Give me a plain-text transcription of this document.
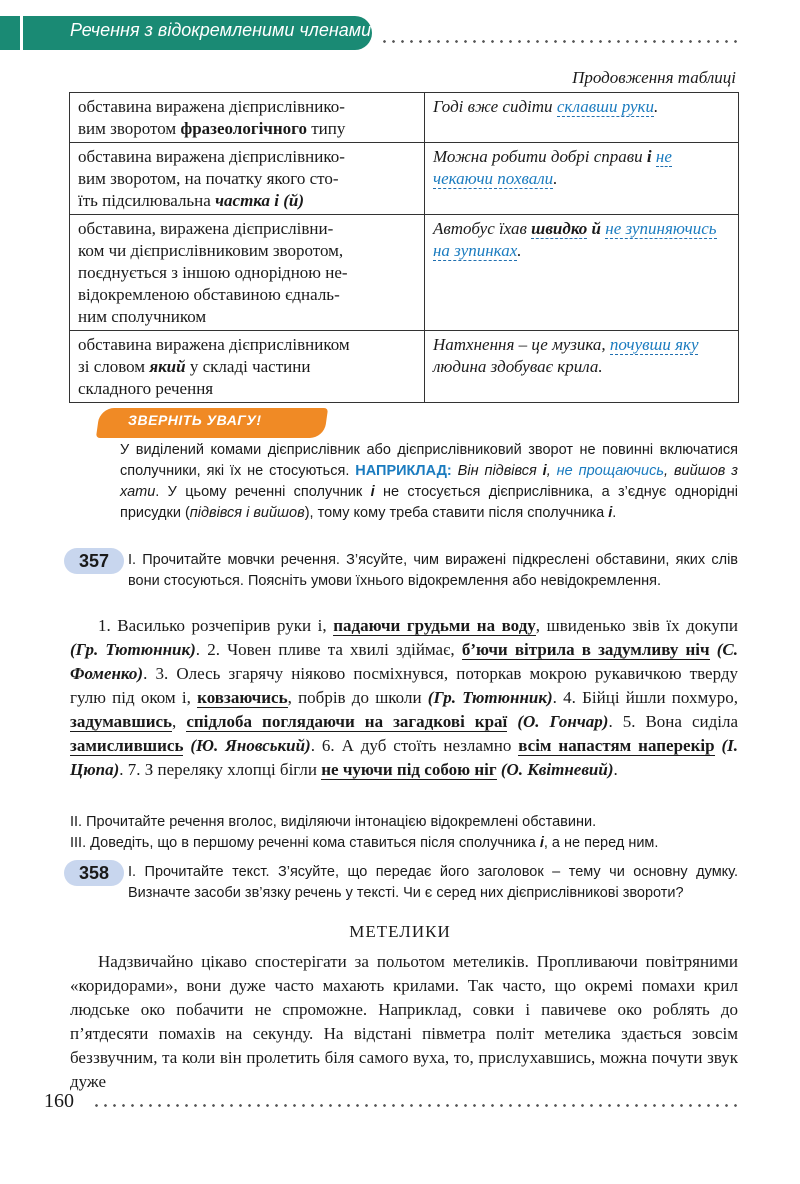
Речення з відокремленими членами
Продовження таблиці
обставина виражена дієприслівнико-
вим зворотом фразеологічного типу	Годі вже сидіти склавши руки.
обставина виражена дієприслівнико-
вим зворотом, на початку якого сто-
їть підсилювальна частка і (й)	Можна робити добрі справи і не чекаючи похвали.
обставина, виражена дієприслівни-
ком чи дієприслівниковим зворотом,
поєднується з іншою однорідною не-
відокремленою обставиною єдналь-
ним сполучником	Автобус їхав швидко й не зупиняючись на зупинках.
обставина виражена дієприслівником
зі словом який у складі частини
складного речення	Натхнення – це музика, почувши яку людина здобуває крила.
ЗВЕРНІТЬ УВАГУ!
У виділений комами дієприслівник або дієприслівниковий зворот не повинні включатися сполучники, які їх не стосуються. НАПРИКЛАД: Він підвівся і, не прощаючись, вийшов з хати. У цьому реченні сполучник і не стосується дієприслівника, а з’єднує однорідні присудки (підвівся і вийшов), тому кому треба ставити після сполучника і.
357	І. Прочитайте мовчки речення. З’ясуйте, чим виражені підкреслені обставини, яких слів вони стосуються. Поясніть умови їхнього відокремлення або невідокремлення.

1. Василько розчепірив руки і, падаючи грудьми на воду, швиденько звів їх докупи (Гр. Тютюнник). 2. Човен пливе та хвилі здіймає, б’ючи вітрила в задумливу ніч (С. Фоменко). 3. Олесь згарячу ніяково посміхнувся, поторкав мокрою рукавичкою тверду гулю під оком і, ковзаючись, побрів до школи (Гр. Тютюнник). 4. Бійці йшли похмуро, задумавшись, спідлоба поглядаючи на загадкові краї (О. Гончар). 5. Вона сиділа замислившись (Ю. Яновський). 6. А дуб стоїть незламно всім напастям наперекір (І. Цюпа). 7. З переляку хлопці бігли не чуючи під собою ніг (О. Квітневий).

ІІ. Прочитайте речення вголос, виділяючи інтонацією відокремлені обставини.
ІІІ. Доведіть, що в першому реченні кома ставиться після сполучника і, а не перед ним.
358	І. Прочитайте текст. З’ясуйте, що передає його заголовок – тему чи основну думку. Визначте засоби зв’язку речень у тексті. Чи є серед них дієприслівникові звороти?
МЕТЕЛИКИ

Надзвичайно цікаво спостерігати за польотом метеликів. Пропливаючи повітряними «коридорами», вони дуже часто махають крилами. Так часто, що окремі помахи крил людське око побачити не спроможне. Наприклад, совки і павичеве око роблять до п’ятдесяти помахів на секунду. На відстані півметра політ метелика здається зовсім беззвучним, та коли він пролетить біля самого вуха, то, прислухавшись, можна почути звук дуже

160
